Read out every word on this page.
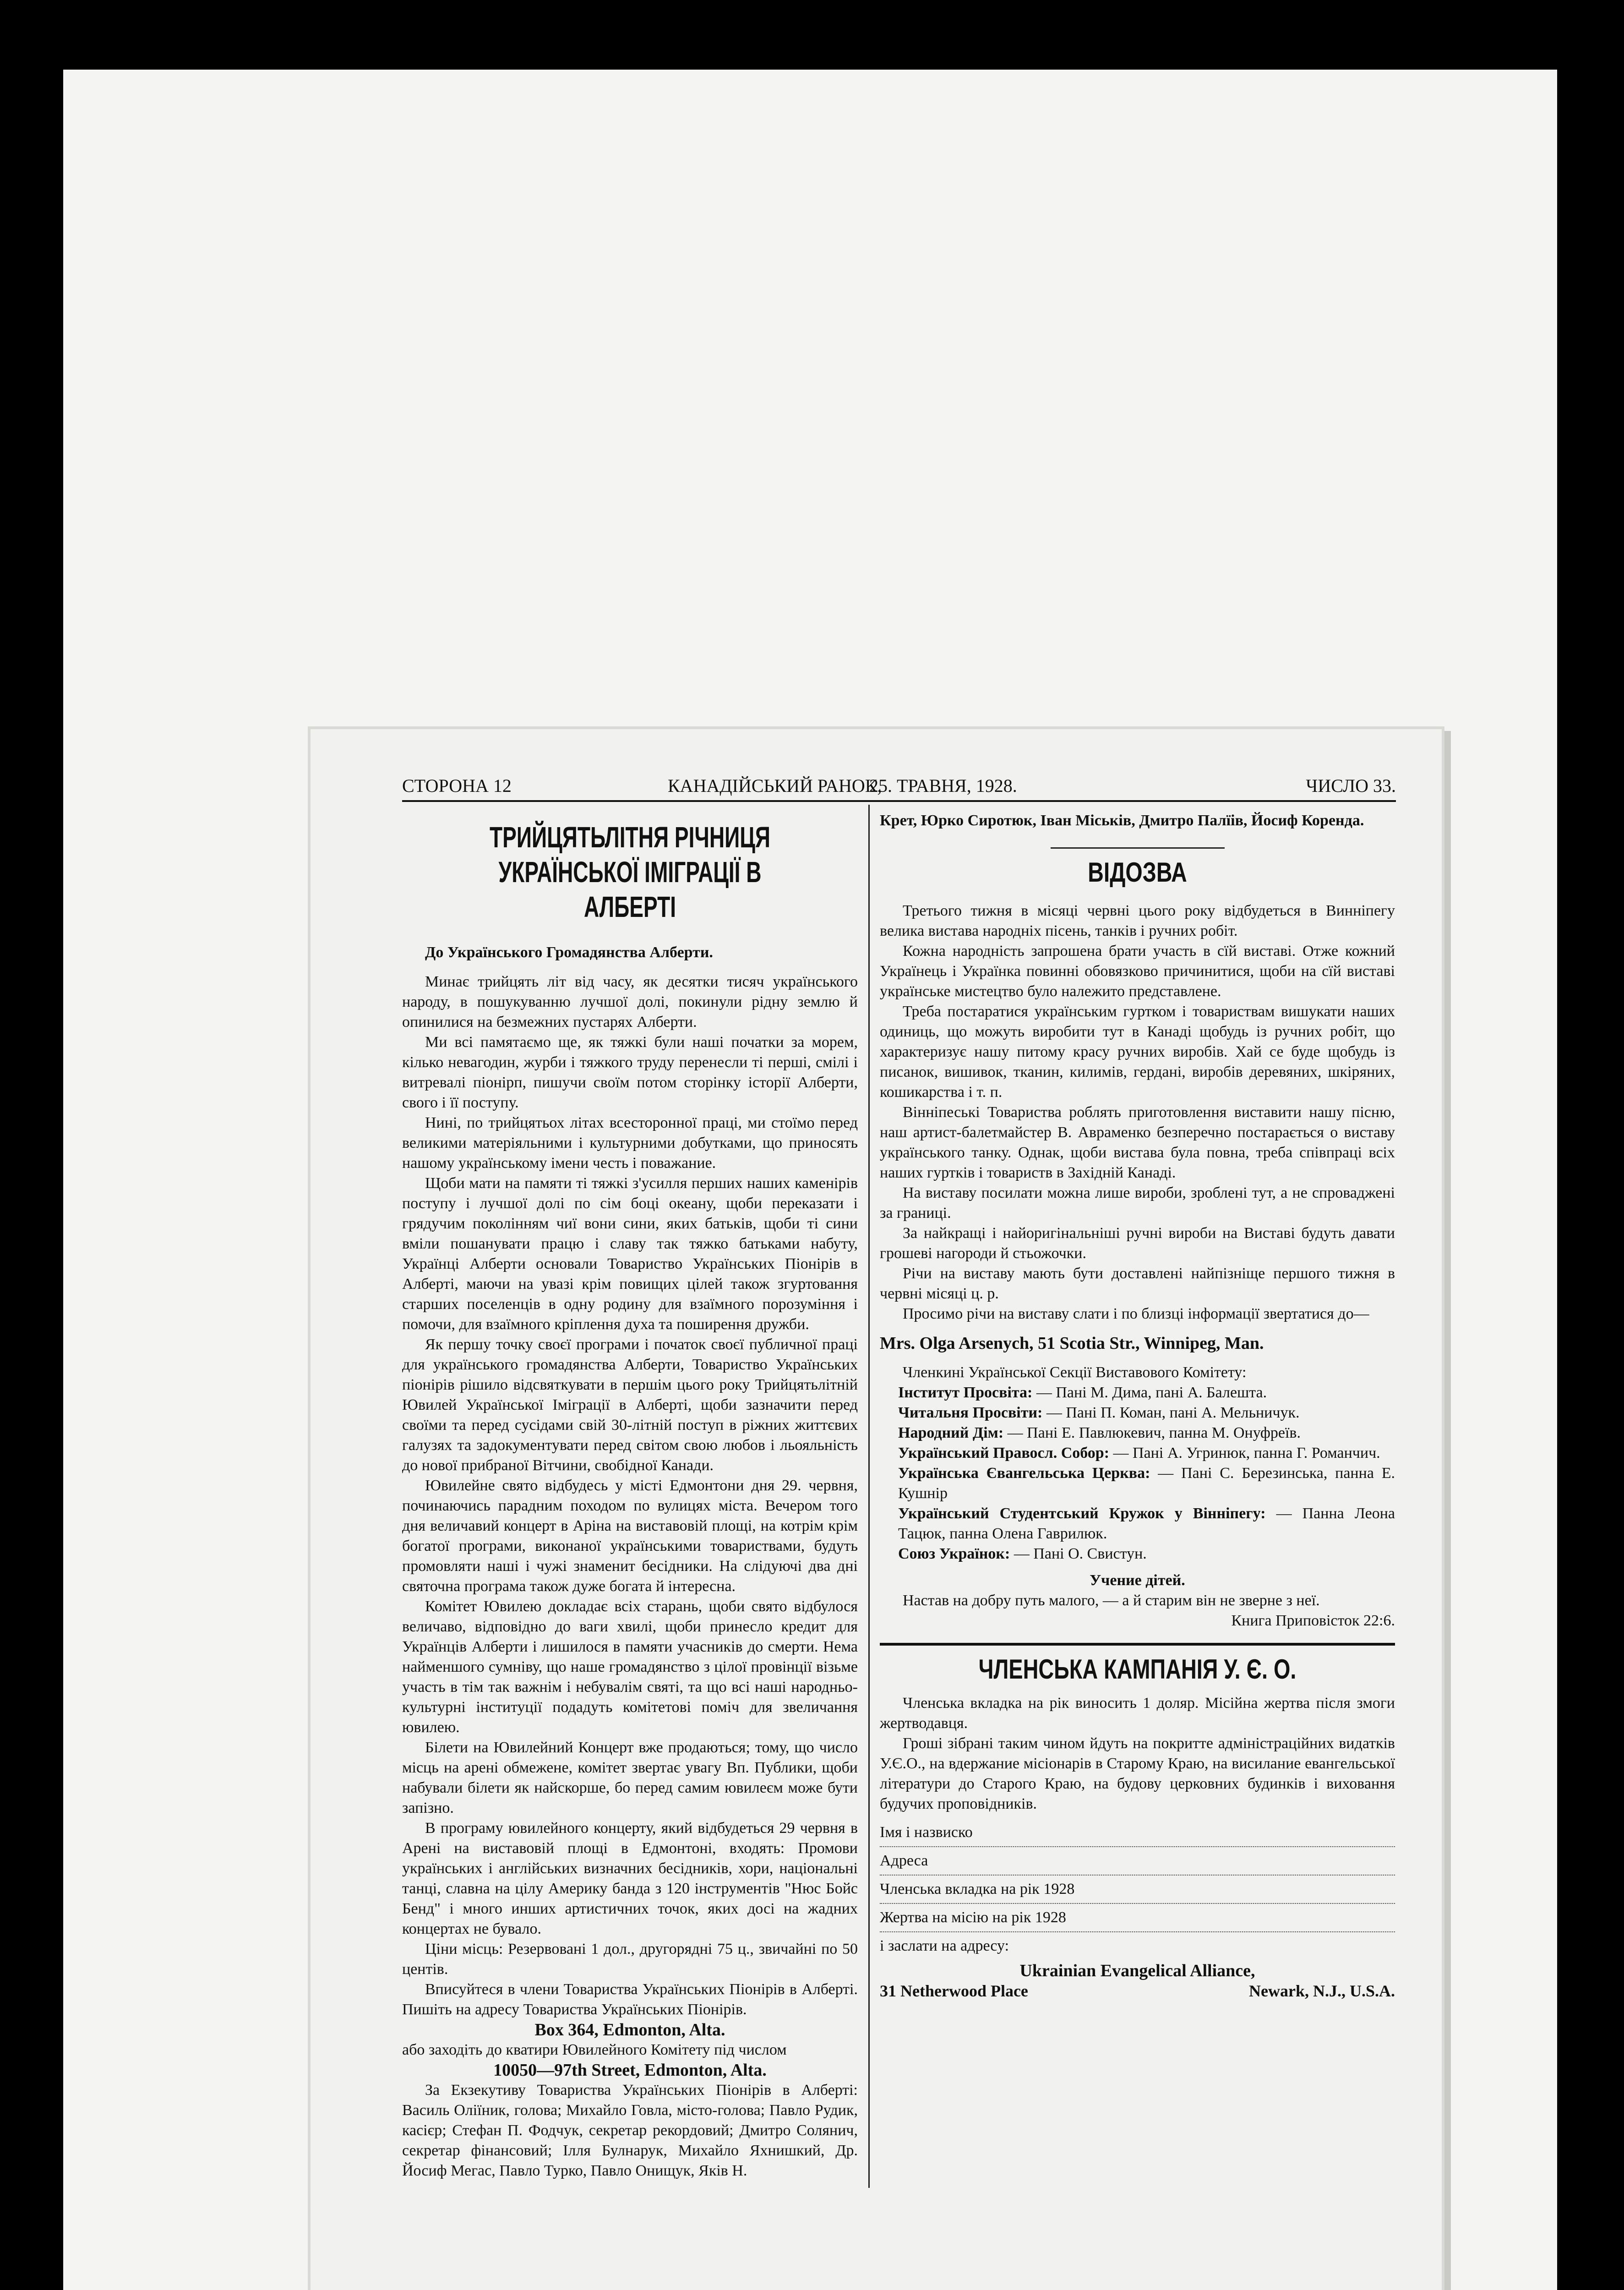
СТОРОНА 12	КАНАДІЙСЬКИЙ РАНОК,
25. ТРАВНЯ, 1928.	ЧИСЛО 33.
ТРИЙЦЯТЬЛІТНЯ РІЧНИЦЯ УКРАЇНСЬКОЇ ІМІГРАЦІЇ В АЛБЕРТІ

До Українського Громадянства Алберти.

Минає трийцять літ від часу, як десятки тисяч українського народу, в пошукуванню лучшої долі, покинули рідну землю й опинилися на безмежних пустарях Алберти.

Ми всі памятаємо ще, як тяжкі були наші початки за морем, кілько невагодин, журби і тяжкого труду перенесли ті перші, смілі і витревалі піонірп, пишучи своїм потом сторінку історії Алберти, свого і її поступу.

Нині, по трийцятьох літах всесторонної праці, ми стоїмо перед великими матеріяльними і культурними добутками, що приносять нашому українському імени честь і поважание.

Щоби мати на памяти ті тяжкі з'усилля перших наших каменірів поступу і лучшої долі по сім боці океану, щоби переказати і грядучим поколінням чиї вони сини, яких батьків, щоби ті сини вміли пошанувати працю і славу так тяжко батьками набуту, Українці Алберти основали Товариство Українських Піонірів в Алберті, маючи на увазі крім повищих цілей також згуртовання старших поселенців в одну родину для взаїмного порозуміння і помочи, для взаїмного кріплення духа та поширення дружби.

Як першу точку своєї програми і початок своєї публичної праці для українського громадянства Алберти, Товариство Українських піонірів рішило відсвяткувати в першім цього року Трийцятьлітній Ювилей Української Іміграції в Алберті, щоби зазначити перед своїми та перед сусідами свій 30-літній поступ в ріжних життєвих галузях та задокументувати перед світом свою любов і льояльність до нової прибраної Вітчини, свобідної Канади.

Ювилейне свято відбудесь у місті Едмонтони дня 29. червня, починаючись парадним походом по вулицях міста. Вечером того дня величавий концерт в Аріна на виставовій площі, на котрім крім богатої програми, виконаної українськими товариствами, будуть промовляти наші і чужі знаменит бесідники. На слідуючі два дні святочна програма також дуже богата й інтересна.

Комітет Ювилею докладає всіх старань, щоби свято відбулося величаво, відповідно до ваги хвилі, щоби принесло кредит для Українців Алберти і лишилося в памяти учасників до смерти. Нема найменшого сумніву, що наше громадянство з цілої провінції візьме участь в тім так важнім і небувалім святі, та що всі наші народньо-культурні інституції подадуть комітетові поміч для звеличання ювилею.

Білети на Ювилейний Концерт вже продаються; тому, що число місць на арені обмежене, комітет звертає увагу Вп. Публики, щоби набували білети як найскорше, бо перед самим ювилеєм може бути запізно.

В програму ювилейного концерту, який відбудеться 29 червня в Арені на виставовій площі в Едмонтоні, входять: Промови українських і англійських визначних бесідників, хори, національні танці, славна на цілу Америку банда з 120 інструментів "Нюс Бойс Бенд" і много инших артистичних точок, яких досі на жадних концертах не бувало.

Ціни місць: Резервовані 1 дол., другорядні 75 ц., звичайні по 50 центів.

Вписуйтеся в члени Товариства Українських Піонірів в Алберті. Пишіть на адресу Товариства Українських Піонірів.

Box 364, Edmonton, Alta.

або заходіть до кватири Ювилейного Комітету під числом

10050—97th Street, Edmonton, Alta.

За Екзекутиву Товариства Українських Піонірів в Алберті: Василь Оліїник, голова; Михайло Говла, місто-голова; Павло Рудик, касієр; Стефан П. Фодчук, секретар рекордовий; Дмитро Солянич, секретар фінансовий; Ілля Булнарук, Михайло Яхнишкий, Др. Йосиф Мегас, Павло Турко, Павло Онищук, Яків Н.

Крет, Юрко Сиротюк, Іван Міськів, Дмитро Палїів, Йосиф Коренда.

ВІДОЗВА

Третього тижня в місяці червні цього року відбудеться в Винніпегу велика вистава народніх пісень, танків і ручних робіт.

Кожна народність запрошена брати участь в сїй виставі. Отже кожний Українець і Українка повинні обовязково причинитися, щоби на сїй виставі українське мистецтво було належито представлене.

Треба постаратися українським гуртком і товариствам вишукати наших одиниць, що можуть виробити тут в Канаді щобудь із ручних робіт, що характеризує нашу питому красу ручних виробів. Хай се буде щобудь із писанок, вишивок, тканин, килимів, гердані, виробів деревяних, шкіряних, кошикарства і т. п.

Вінніпеські Товариства роблять приготовлення виставити нашу пісню, наш артист-балетмайстер В. Авраменко безперечно постарається о виставу українського танку. Однак, щоби вистава була повна, треба співпраці всіх наших гуртків і товариств в Західній Канаді.

На виставу посилати можна лише вироби, зроблені тут, а не спроваджені за границі.

За найкращі і найоригінальніші ручні вироби на Виставі будуть давати грошеві нагороди й стьожочки.

Річи на виставу мають бути доставлені найпізніще першого тижня в червні місяці ц. р.

Просимо річи на виставу слати і по близці інформації звертатися до—

Mrs. Olga Arsenych, 51 Scotia Str., Winnipeg, Man.

Членкині Української Секції Виставового Комітету:

Інститут Просвіта: — Пані М. Дима, пані А. Балешта.

Читальня Просвіти: — Пані П. Коман, пані А. Мельничук.

Народний Дім: — Пані Е. Павлюкевич, панна М. Онуфреїв.

Український Правосл. Собор: — Пані А. Угринюк, панна Г. Романчич.

Українська Євангельська Церква: — Пані С. Березинська, панна Е. Кушнір

Український Студентський Кружок у Вінніпегу: — Панна Леона Тацюк, панна Олена Гаврилюк.

Союз Українок: — Пані О. Свистун.

Учение дітей.

Настав на добру путь малого, — а й старим він не зверне з неї.

Книга Приповісток 22:6.

ЧЛЕНСЬКА КАМПАНІЯ У. Є. О.

Членська вкладка на рік виносить 1 доляр. Місійна жертва після змоги жертводавця.

Гроші зібрані таким чином йдуть на покритте адміністраційних видатків У.Є.О., на вдержание місіонарів в Старому Краю, на висилание евангельської літератури до Старого Краю, на будову церковних будинків і виховання будучих проповідників.

Імя і назвиско
Адреса
Членська вкладка на рік 1928
Жертва на місію на рік 1928

і заслати на адресу:

Ukrainian Evangelical Alliance,

31 Netherwood Place	Newark, N.J., U.S.A.
